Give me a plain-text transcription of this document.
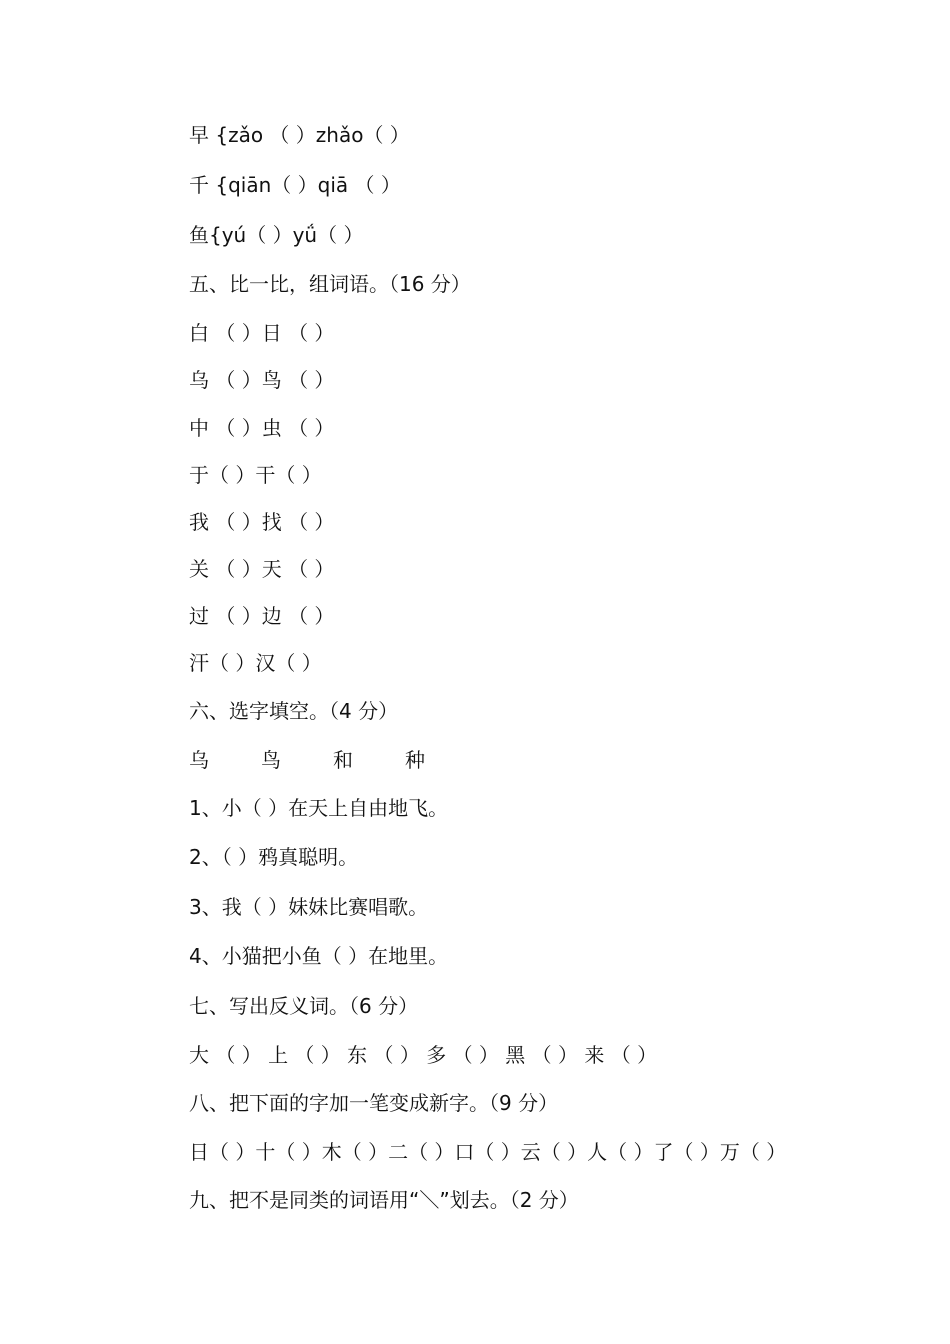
早 {zǎo （ ）zhǎo（ ）
千 {qiān（ ）qiā （ ）
鱼{yú（ ）yǘ（ ）
五、比一比，组词语。（16 分）
白 （ ）日 （ ）
乌 （ ）鸟 （ ）
中 （ ）虫 （ ）
于（ ）干（ ）
我 （ ）找 （ ）
关 （ ）天 （ ）
过 （ ）边 （ ）
汗（ ）汉（ ）
六、选字填空。（4 分）
乌	鸟	和	种
1、小（ ）在天上自由地飞。
2、（ ）鸦真聪明。
3、我（ ）妹妹比赛唱歌。
4、小猫把小鱼（ ）在地里。
七、写出反义词。（6 分）
大 （ ） 上 （ ） 东 （ ） 多 （ ） 黑 （ ） 来 （ ）
八、把下面的字加一笔变成新字。（9 分）
日（ ）十（ ）木（ ）二（ ）口（ ）云（ ）人（ ）了（ ）万（ ）
九、把不是同类的词语用“＼”划去。（2 分）
